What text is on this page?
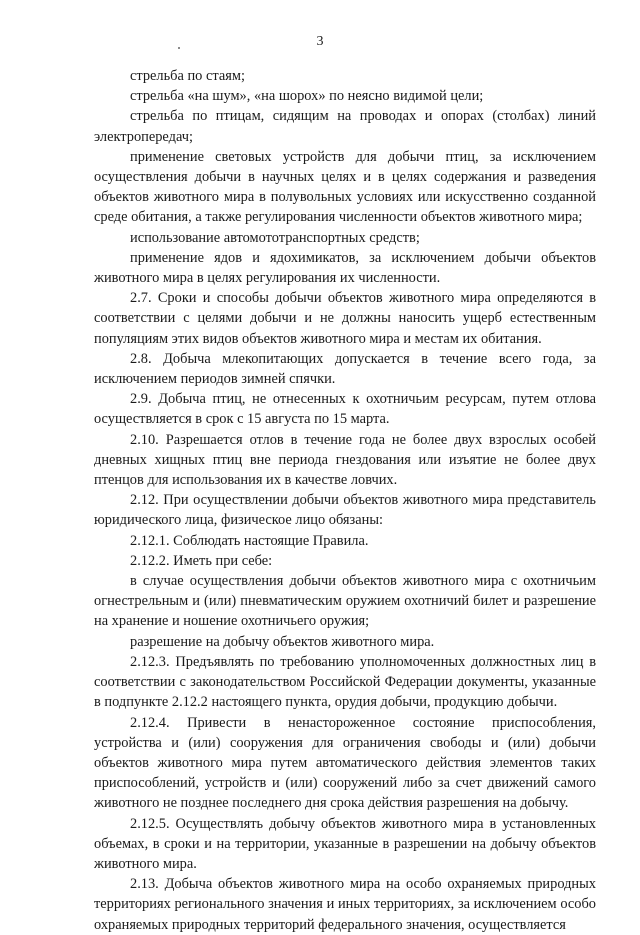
3

стрельба по стаям;

стрельба «на шум», «на шорох» по неясно видимой цели;

стрельба по птицам, сидящим на проводах и опорах (столбах) линий электропередач;

применение световых устройств для добычи птиц, за исключением осуществления добычи в научных целях и в целях содержания и разведения объектов животного мира в полувольных условиях или искусственно созданной среде обитания, а также регулирования численности объектов животного мира;

использование автомототранспортных средств;

применение ядов и ядохимикатов, за исключением добычи объектов животного мира в целях регулирования их численности.

2.7. Сроки и способы добычи объектов животного мира определяются в соответствии с целями добычи и не должны наносить ущерб естественным популяциям этих видов объектов животного мира и местам их обитания.

2.8. Добыча млекопитающих допускается в течение всего года, за исключением периодов зимней спячки.

2.9. Добыча птиц, не отнесенных к охотничьим ресурсам, путем отлова осуществляется в срок с 15 августа по 15 марта.

2.10. Разрешается отлов в течение года не более двух взрослых особей дневных хищных птиц вне периода гнездования или изъятие не более двух птенцов для использования их в качестве ловчих.

2.12. При осуществлении добычи объектов животного мира представитель юридического лица, физическое лицо обязаны:

2.12.1. Соблюдать настоящие Правила.

2.12.2. Иметь при себе:

в случае осуществления добычи объектов животного мира с охотничьим огнестрельным и (или) пневматическим оружием охотничий билет и разрешение на хранение и ношение охотничьего оружия;

разрешение на добычу объектов животного мира.

2.12.3. Предъявлять по требованию уполномоченных должностных лиц в соответствии с законодательством Российской Федерации документы, указанные в подпункте 2.12.2 настоящего пункта, орудия добычи, продукцию добычи.

2.12.4. Привести в ненастороженное состояние приспособления, устройства и (или) сооружения для ограничения свободы и (или) добычи объектов животного мира путем автоматического действия элементов таких приспособлений, устройств и (или) сооружений либо за счет движений самого животного не позднее последнего дня срока действия разрешения на добычу.

2.12.5. Осуществлять добычу объектов животного мира в установленных объемах, в сроки и на территории, указанные в разрешении на добычу объектов животного мира.

2.13. Добыча объектов животного мира на особо охраняемых природных территориях регионального значения и иных территориях, за исключением особо охраняемых природных территорий федерального значения, осуществляется
